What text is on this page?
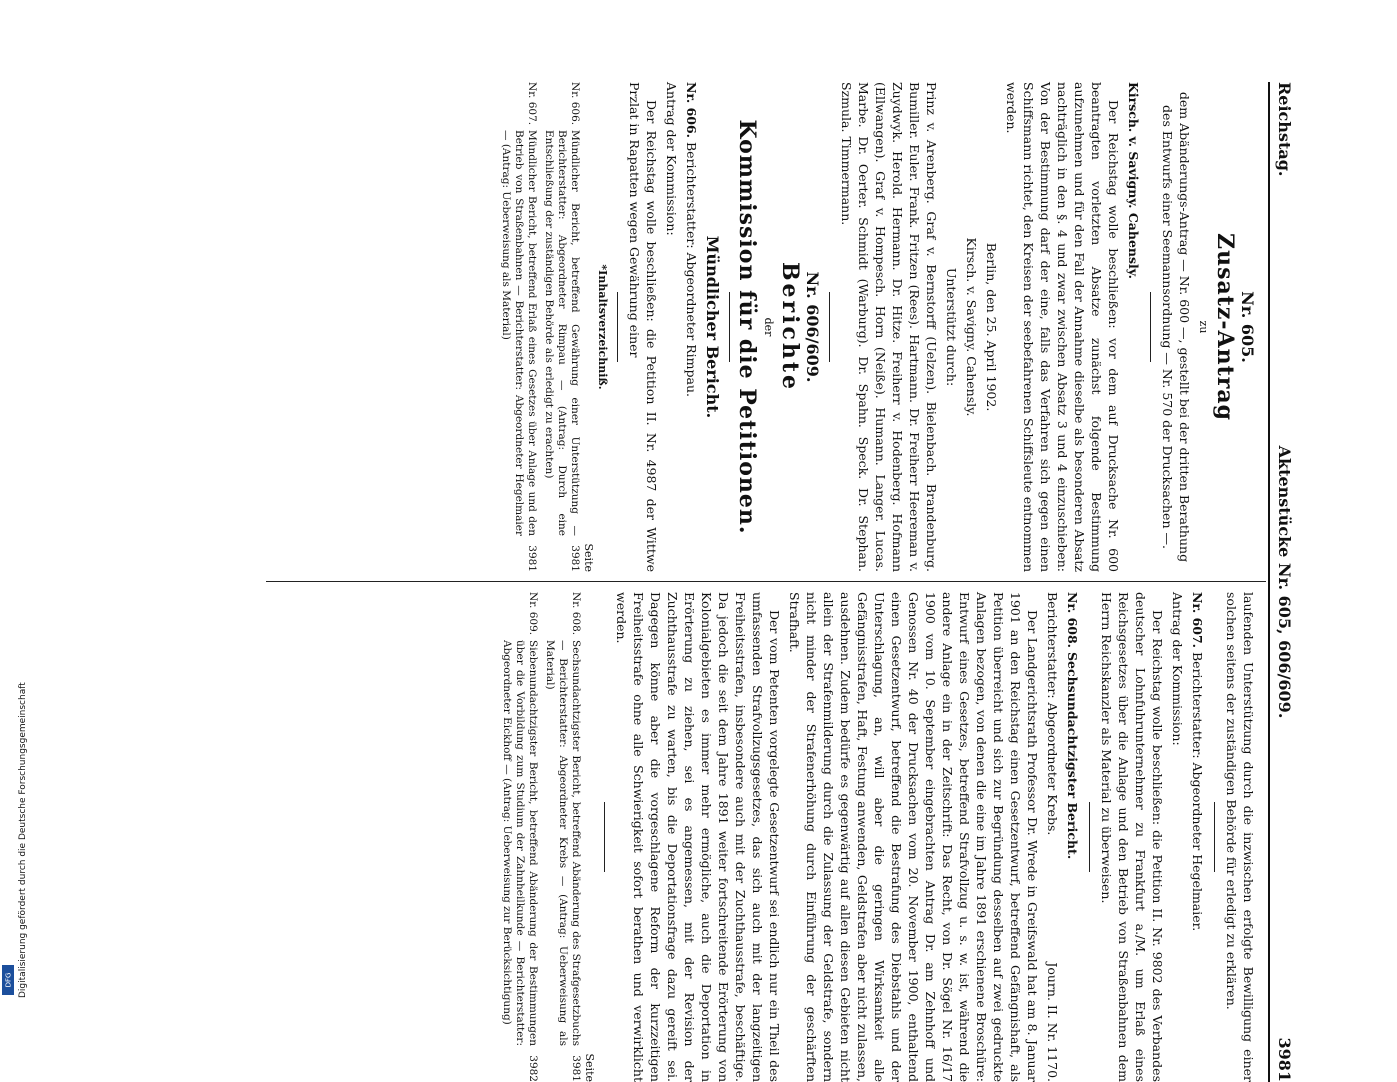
Reichstag.
Aktenstücke Nr. 605, 606/609.
3981
Nr. 605.
Zusatz-Antrag
zu

dem Abänderungs-Antrag — Nr. 600 —, gestellt bei der dritten Berathung des Entwurfs einer Seemannsordnung — Nr. 570 der Drucksachen —.

Kirsch. v. Savigny. Cahensly.

Der Reichstag wolle beschließen: vor dem auf Drucksache Nr. 600 beantragten vorletzten Absatze zunächst folgende Bestimmung aufzunehmen und für den Fall der Annahme dieselbe als besonderen Absatz nachträglich in den §. 4 und zwar zwischen Absatz 3 und 4 einzuschieben: Von der Bestimmung darf der eine, falls das Verfahren sich gegen einen Schiffsmann richtet, den Kreisen der seebefahrenen Schiffsleute entnommen werden.

Berlin, den 25. April 1902.

Kirsch. v. Savigny. Cahensly.

Unterstützt durch:

Prinz v. Arenberg. Graf v. Bernstorff (Uelzen). Bielenbach. Brandenburg. Bumiller. Euler. Frank. Fritzen (Rees). Hartmann. Dr. Freiherr Heereman v. Zuydwyk. Herold. Hermann. Dr. Hitze. Freiherr v. Hodenberg. Hofmann (Ellwangen). Graf v. Hompesch. Horn (Neiße). Humann. Langer. Lucas. Marbe. Dr. Oerter. Schmidt (Warburg). Dr. Spahn. Speck. Dr. Stephan. Szmula. Timmermann.

Nr. 606/609.
Berichte
der
Kommission für die Petitionen.
Mündlicher Bericht.

Nr. 606. Berichterstatter: Abgeordneter Rimpau.

Antrag der Kommission:

Der Reichstag wolle beschließen: die Petition II. Nr. 4987 der Wittwe Przlat in Rapatten wegen Gewährung einer

*Inhaltsverzeichniß.
Seite
Nr. 606.
Mündlicher Bericht, betreffend Gewährung einer Unterstützung — Berichterstatter: Abgeordneter Rimpau — (Antrag: Durch eine Entschließung der zuständigen Behörde als erledigt zu erachten)
3981
Nr. 607.
Mündlicher Bericht, betreffend Erlaß eines Gesetzes über Anlage und den Betrieb von Straßenbahnen — Berichterstatter: Abgeordneter Hegelmaier — (Antrag: Ueberweisung als Material)
3981

laufenden Unterstützung durch die inzwischen erfolgte Bewilligung einer solchen seitens der zuständigen Behörde für erledigt zu erklären.

Nr. 607. Berichterstatter: Abgeordneter Hegelmaier.

Antrag der Kommission:

Der Reichstag wolle beschließen: die Petition II. Nr. 9802 des Verbandes deutscher Lohnfuhrunternehmer zu Frankfurt a./M. um Erlaß eines Reichsgesetzes über die Anlage und den Betrieb von Straßenbahnen dem Herrn Reichskanzler als Material zu überweisen.

Nr. 608. Sechsundachtzigster Bericht.

Berichterstatter: Abgeordneter Krebs.
Journ. II. Nr. 1170.

Der Landgerichtsrath Professor Dr. Wrede in Greifswald hat am 8. Januar 1901 an den Reichstag einen Gesetzentwurf, betreffend Gefängnishaft, als Petition überreicht und sich zur Begründung desselben auf zwei gedruckte Anlagen bezogen, von denen die eine im Jahre 1891 erschienene Broschüre: Entwurf eines Gesetzes, betreffend Strafvollzug u. s. w. ist, während die andere Anlage ein in der Zeitschrift: Das Recht, von Dr. Sögel Nr. 16/17 1900 vom 10. September eingebrachten Antrag Dr. am Zehnhoff und Genossen Nr. 40 der Drucksachen vom 20. November 1900, enthaltend einen Gesetzentwurf, betreffend die Bestrafung des Diebstahls und der Unterschlagung, an, will aber die geringen Wirksamkeit alle Gefängnisstrafen, Haft, Festung anwenden, Geldstrafen aber nicht zulassen, ausdehnen. Zudem bedürfe es gegenwärtig auf allen diesen Gebieten nicht allein der Strafenmilderung durch die Zulassung der Geldstrafe, sondern nicht minder der Strafenerhöhung durch Einführung der geschärften Strafhaft.

Der vom Petenten vorgelegte Gesetzentwurf sei endlich nur ein Theil des umfassenden Strafvollzugsgesetzes, das sich auch mit der langzeitigen Freiheitsstrafen, insbesondere auch mit der Zuchthausstrafe, beschäftige. Da jedoch die seit dem Jahre 1891 weiter fortschreitende Erörterung von Kolonialgebieten es immer mehr ermögliche, auch die Deportation in Erörterung zu ziehen, sei es angemessen, mit der Revision der Zuchthausstrafe zu warten, bis die Deportationsfrage dazu gereift sei. Dagegen könne aber die vorgeschlagene Reform der kurzzeitigen Freiheitsstrafe ohne alle Schwierigkeit sofort berathen und verwirklicht werden.

Seite
Nr. 608.
Sechsundachtzigster Bericht, betreffend Abänderung des Strafgesetzbuchs — Berichterstatter: Abgeordneter Krebs — (Antrag: Ueberweisung als Material)
3981
Nr. 609.
Siebenundachtzigster Bericht, betreffend Abänderung der Bestimmungen über die Vorbildung zum Studium der Zahnheilkunde — Berichterstatter: Abgeordneter Eickhoff — (Antrag: Ueberweisung zur Berücksichtigung)
3982
Digitalisierung gefördert durch die Deutsche Forschungsgemeinschaft
DFG
